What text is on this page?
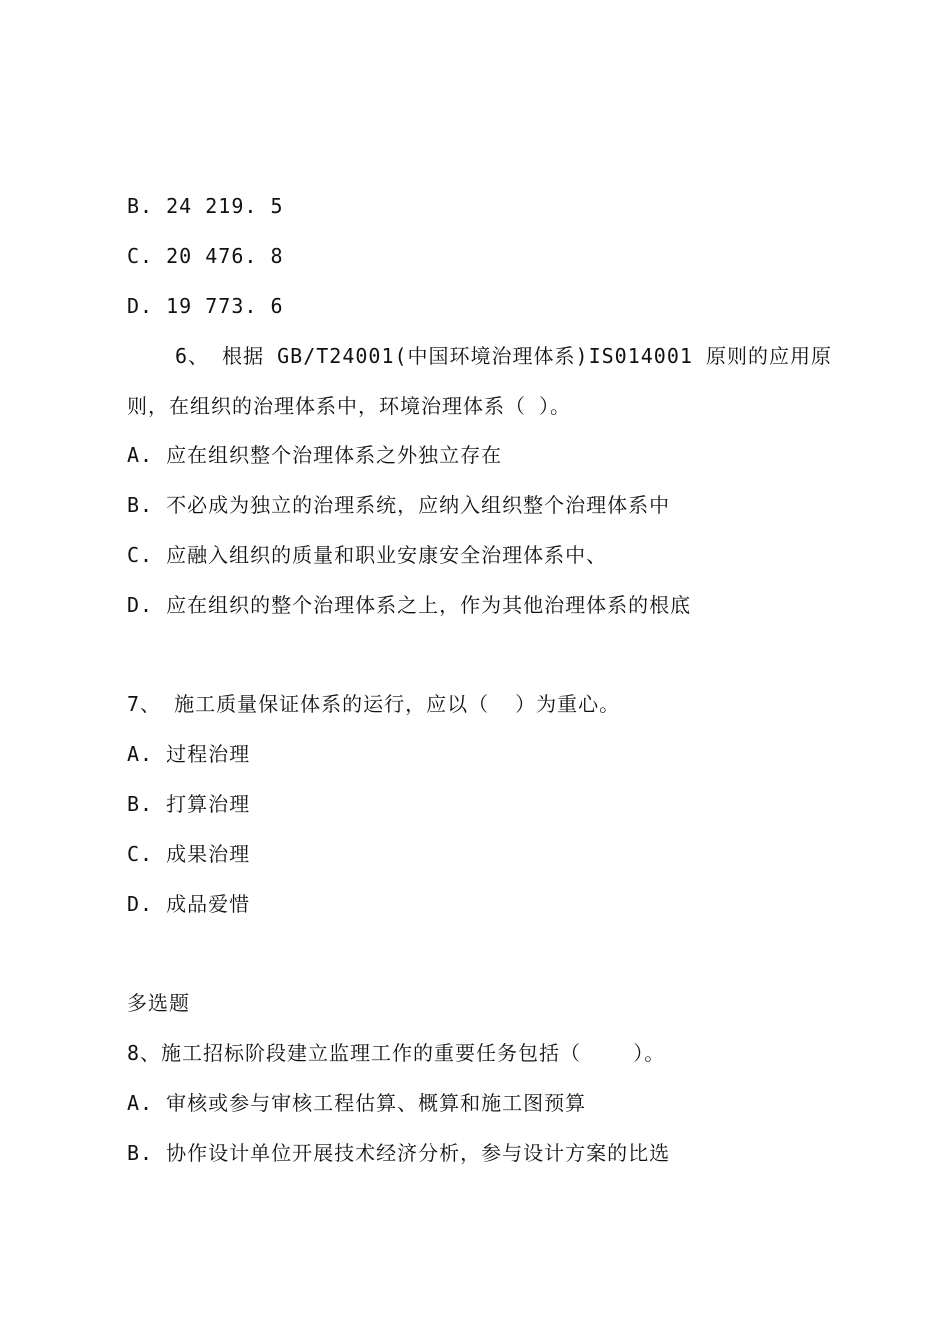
B. 24 219. 5
C. 20 476. 8
D. 19 773. 6
6、 根据 GB/T24001(中国环境治理体系)IS014001 原则的应用原
则，在组织的治理体系中，环境治理体系（ ）。
A. 应在组织整个治理体系之外独立存在
B. 不必成为独立的治理系统，应纳入组织整个治理体系中
C. 应融入组织的质量和职业安康安全治理体系中、
D. 应在组织的整个治理体系之上，作为其他治理体系的根底
7、 施工质量保证体系的运行，应以（  ）为重心。
A. 过程治理
B. 打算治理
C. 成果治理
D. 成品爱惜
多选题
8、施工招标阶段建立监理工作的重要任务包括（    ）。
A. 审核或参与审核工程估算、概算和施工图预算
B. 协作设计单位开展技术经济分析，参与设计方案的比选
